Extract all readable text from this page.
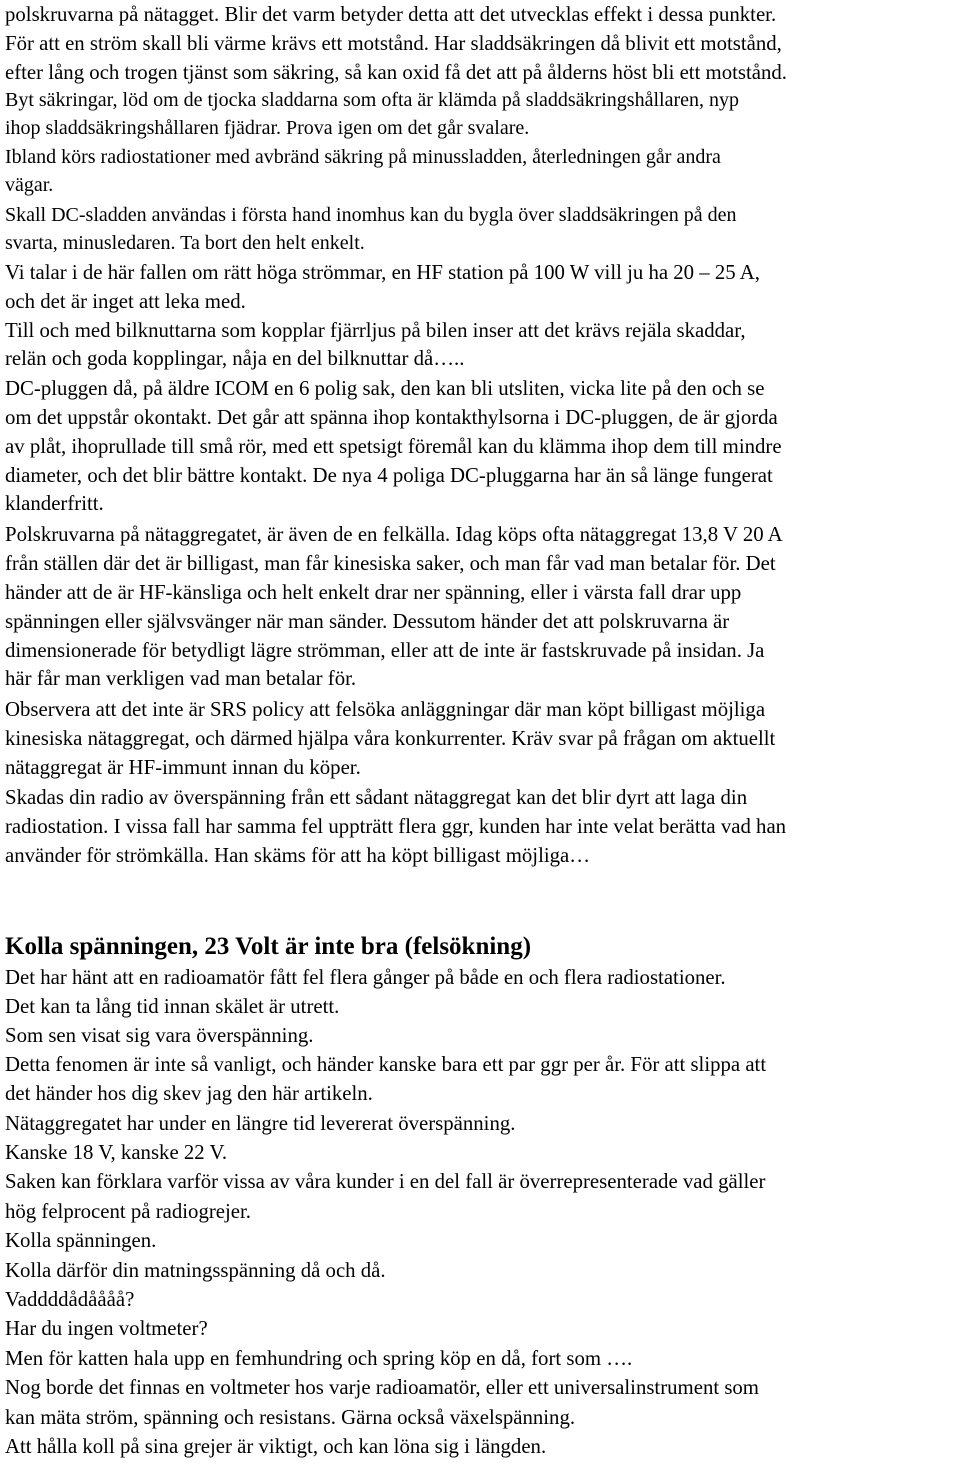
polskruvarna på nätagget. Blir det varm betyder detta att det utvecklas effekt i dessa punkter.

För att en ström skall bli värme krävs ett motstånd. Har sladdsäkringen då blivit ett motstånd,

efter lång och trogen tjänst som säkring, så kan oxid få det att på ålderns höst bli ett motstånd.

Byt säkringar, löd om de tjocka sladdarna som ofta är klämda på sladdsäkringshållaren, nyp

ihop sladdsäkringshållaren fjädrar. Prova igen om det går svalare.

Ibland körs radiostationer med avbränd säkring på minussladden, återledningen går andra

vägar.

Skall DC-sladden användas i första hand inomhus kan du bygla över sladdsäkringen på den

svarta, minusledaren. Ta bort den helt enkelt.

Vi talar i de här fallen om rätt höga strömmar, en HF station på 100 W vill ju ha 20 – 25 A,

och det är inget att leka med.

Till och med bilknuttarna som kopplar fjärrljus på bilen inser att det krävs rejäla skaddar,

relän och goda kopplingar, nåja en del bilknuttar då…..

DC-pluggen då, på äldre ICOM en 6 polig sak, den kan bli utsliten, vicka lite på den och se

om det uppstår okontakt. Det går att spänna ihop kontakthylsorna i DC-pluggen, de är gjorda

av plåt, ihoprullade till små rör, med ett spetsigt föremål kan du klämma ihop dem till mindre

diameter, och det blir bättre kontakt. De nya 4 poliga DC-pluggarna har än så länge fungerat

klanderfritt.

Polskruvarna på nätaggregatet, är även de en felkälla. Idag köps ofta nätaggregat 13,8 V 20 A

från ställen där det är billigast, man får kinesiska saker, och man får vad man betalar för. Det

händer att de är HF-känsliga och helt enkelt drar ner spänning, eller i värsta fall drar upp

spänningen eller självsvänger när man sänder. Dessutom händer det att polskruvarna är

dimensionerade för betydligt lägre strömman, eller att de inte är fastskruvade på insidan. Ja

här får man verkligen vad man betalar för.

Observera att det inte är SRS policy att felsöka anläggningar där man köpt billigast möjliga

kinesiska nätaggregat, och därmed hjälpa våra konkurrenter. Kräv svar på frågan om aktuellt

nätaggregat är HF-immunt innan du köper.

Skadas din radio av överspänning från ett sådant nätaggregat kan det blir dyrt att laga din

radiostation. I vissa fall har samma fel uppträtt flera ggr, kunden har inte velat berätta vad han

använder för strömkälla. Han skäms för att ha köpt billigast möjliga…

Kolla spänningen, 23 Volt är inte bra (felsökning)

Det har hänt att en radioamatör fått fel flera gånger på både en och flera radiostationer.

Det kan ta lång tid innan skälet är utrett.

Som sen visat sig vara överspänning.

Detta fenomen är inte så vanligt, och händer kanske bara ett par ggr per år. För att slippa att

det händer hos dig skev jag den här artikeln.

Nätaggregatet har under en längre tid levererat överspänning.

Kanske 18 V, kanske 22 V.

Saken kan förklara varför vissa av våra kunder i en del fall är överrepresenterade vad gäller

hög felprocent på radiogrejer.

Kolla spänningen.

Kolla därför din matningsspänning då och då.

Vaddddådåååå?

Har du ingen voltmeter?

Men för katten hala upp en femhundring och spring köp en då, fort som ….

Nog borde det finnas en voltmeter hos varje radioamatör, eller ett universalinstrument som

kan mäta ström, spänning och resistans. Gärna också växelspänning.

Att hålla koll på sina grejer är viktigt, och kan löna sig i längden.
